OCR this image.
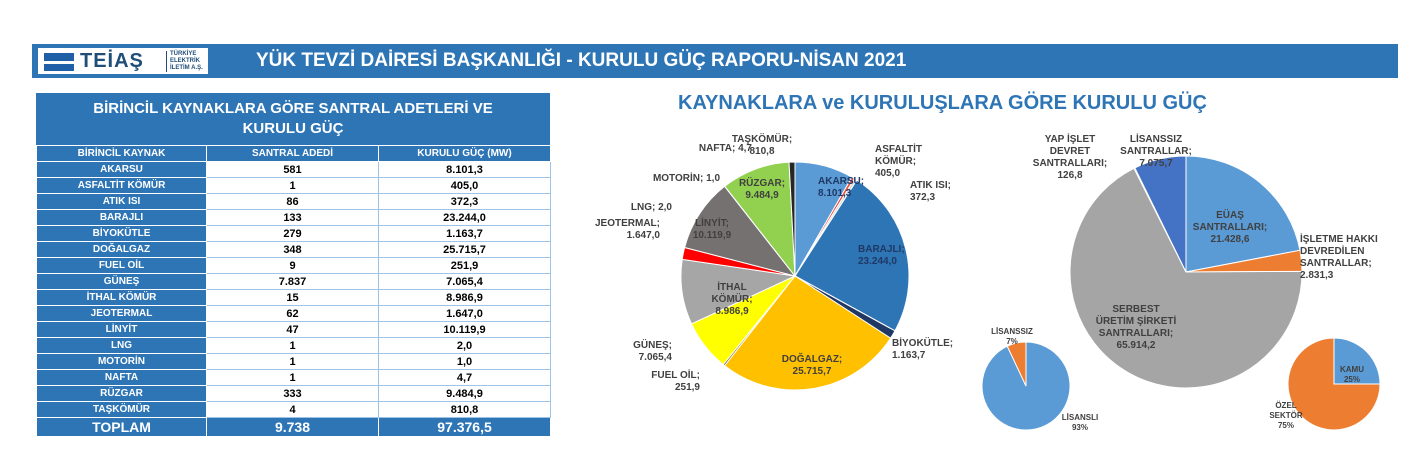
TEİAŞ	TÜRKİYE
ELEKTRİK
İLETİM A.Ş.	YÜK TEVZİ DAİRESİ BAŞKANLIĞI - KURULU GÜÇ RAPORU-NİSAN 2021
BİRİNCİL KAYNAKLARA GÖRE SANTRAL ADETLERİ VE
KURULU GÜÇ
BİRİNCİL KAYNAK	SANTRAL ADEDİ	KURULU GÜÇ (MW)
AKARSU	581	8.101,3
ASFALTİT KÖMÜR	1	405,0
ATIK ISI	86	372,3
BARAJLI	133	23.244,0
BİYOKÜTLE	279	1.163,7
DOĞALGAZ	348	25.715,7
FUEL OİL	9	251,9
GÜNEŞ	7.837	7.065,4
İTHAL KÖMÜR	15	8.986,9
JEOTERMAL	62	1.647,0
LİNYİT	47	10.119,9
LNG	1	2,0
MOTORİN	1	1,0
NAFTA	1	4,7
RÜZGAR	333	9.484,9
TAŞKÖMÜR	4	810,8
TOPLAM	9.738	97.376,5
KAYNAKLARA ve KURULUŞLARA GÖRE KURULU GÜÇ
AKARSU; 8.101,3
ASFALTİT KÖMÜR; 405,0
ATIK ISI; 372,3
BARAJLI; 23.244,0
BİYOKÜTLE; 1.163,7
DOĞALGAZ; 25.715,7
FUEL OİL; 251,9
GÜNEŞ; 7.065,4
İTHAL KÖMÜR; 8.986,9
JEOTERMAL; 1.647,0
LİNYİT; 10.119,9
LNG; 2,0
MOTORİN; 1,0
NAFTA; 4,7
RÜZGAR; 9.484,9
TAŞKÖMÜR; 810,8
EÜAŞ SANTRALLARI; 21.428,6	İŞLETME HAKKI DEVREDİLEN SANTRALLAR; 2.831,3
SERBEST ÜRETİM ŞİRKETİ SANTRALLARI; 65.914,2
YAP İŞLET DEVRET SANTRALLARI; 126,8
LİSANSSIZ SANTRALLAR; 7.075,7
LİSANSLI 93%
LİSANSSIZ 7%
KAMU 25%
ÖZEL SEKTÖR 75%
